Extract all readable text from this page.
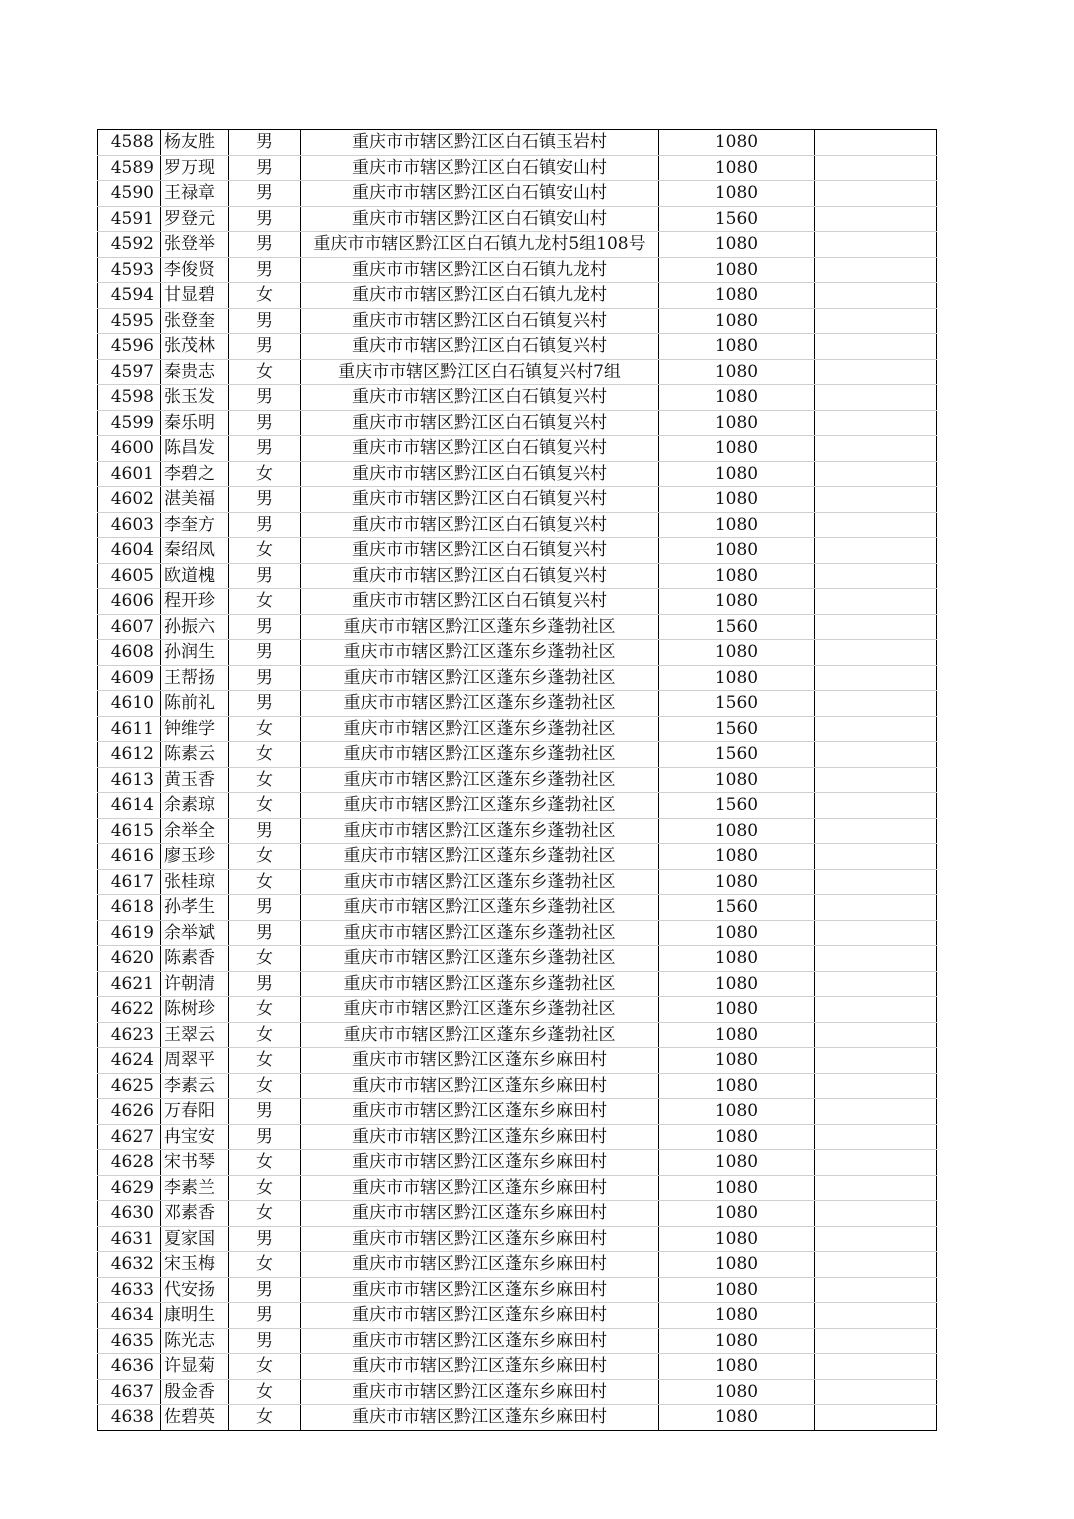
4588	杨友胜	男	重庆市市辖区黔江区白石镇玉岩村	1080	
4589	罗万现	男	重庆市市辖区黔江区白石镇安山村	1080	
4590	王禄章	男	重庆市市辖区黔江区白石镇安山村	1080	
4591	罗登元	男	重庆市市辖区黔江区白石镇安山村	1560	
4592	张登举	男	重庆市市辖区黔江区白石镇九龙村5组108号	1080	
4593	李俊贤	男	重庆市市辖区黔江区白石镇九龙村	1080	
4594	甘显碧	女	重庆市市辖区黔江区白石镇九龙村	1080	
4595	张登奎	男	重庆市市辖区黔江区白石镇复兴村	1080	
4596	张茂林	男	重庆市市辖区黔江区白石镇复兴村	1080	
4597	秦贵志	女	重庆市市辖区黔江区白石镇复兴村7组	1080	
4598	张玉发	男	重庆市市辖区黔江区白石镇复兴村	1080	
4599	秦乐明	男	重庆市市辖区黔江区白石镇复兴村	1080	
4600	陈昌发	男	重庆市市辖区黔江区白石镇复兴村	1080	
4601	李碧之	女	重庆市市辖区黔江区白石镇复兴村	1080	
4602	湛美福	男	重庆市市辖区黔江区白石镇复兴村	1080	
4603	李奎方	男	重庆市市辖区黔江区白石镇复兴村	1080	
4604	秦绍凤	女	重庆市市辖区黔江区白石镇复兴村	1080	
4605	欧道槐	男	重庆市市辖区黔江区白石镇复兴村	1080	
4606	程开珍	女	重庆市市辖区黔江区白石镇复兴村	1080	
4607	孙振六	男	重庆市市辖区黔江区蓬东乡蓬勃社区	1560	
4608	孙润生	男	重庆市市辖区黔江区蓬东乡蓬勃社区	1080	
4609	王帮扬	男	重庆市市辖区黔江区蓬东乡蓬勃社区	1080	
4610	陈前礼	男	重庆市市辖区黔江区蓬东乡蓬勃社区	1560	
4611	钟维学	女	重庆市市辖区黔江区蓬东乡蓬勃社区	1560	
4612	陈素云	女	重庆市市辖区黔江区蓬东乡蓬勃社区	1560	
4613	黄玉香	女	重庆市市辖区黔江区蓬东乡蓬勃社区	1080	
4614	余素琼	女	重庆市市辖区黔江区蓬东乡蓬勃社区	1560	
4615	余举全	男	重庆市市辖区黔江区蓬东乡蓬勃社区	1080	
4616	廖玉珍	女	重庆市市辖区黔江区蓬东乡蓬勃社区	1080	
4617	张桂琼	女	重庆市市辖区黔江区蓬东乡蓬勃社区	1080	
4618	孙孝生	男	重庆市市辖区黔江区蓬东乡蓬勃社区	1560	
4619	余举斌	男	重庆市市辖区黔江区蓬东乡蓬勃社区	1080	
4620	陈素香	女	重庆市市辖区黔江区蓬东乡蓬勃社区	1080	
4621	许朝清	男	重庆市市辖区黔江区蓬东乡蓬勃社区	1080	
4622	陈树珍	女	重庆市市辖区黔江区蓬东乡蓬勃社区	1080	
4623	王翠云	女	重庆市市辖区黔江区蓬东乡蓬勃社区	1080	
4624	周翠平	女	重庆市市辖区黔江区蓬东乡麻田村	1080	
4625	李素云	女	重庆市市辖区黔江区蓬东乡麻田村	1080	
4626	万春阳	男	重庆市市辖区黔江区蓬东乡麻田村	1080	
4627	冉宝安	男	重庆市市辖区黔江区蓬东乡麻田村	1080	
4628	宋书琴	女	重庆市市辖区黔江区蓬东乡麻田村	1080	
4629	李素兰	女	重庆市市辖区黔江区蓬东乡麻田村	1080	
4630	邓素香	女	重庆市市辖区黔江区蓬东乡麻田村	1080	
4631	夏家国	男	重庆市市辖区黔江区蓬东乡麻田村	1080	
4632	宋玉梅	女	重庆市市辖区黔江区蓬东乡麻田村	1080	
4633	代安扬	男	重庆市市辖区黔江区蓬东乡麻田村	1080	
4634	康明生	男	重庆市市辖区黔江区蓬东乡麻田村	1080	
4635	陈光志	男	重庆市市辖区黔江区蓬东乡麻田村	1080	
4636	许显菊	女	重庆市市辖区黔江区蓬东乡麻田村	1080	
4637	殷金香	女	重庆市市辖区黔江区蓬东乡麻田村	1080	
4638	佐碧英	女	重庆市市辖区黔江区蓬东乡麻田村	1080	
